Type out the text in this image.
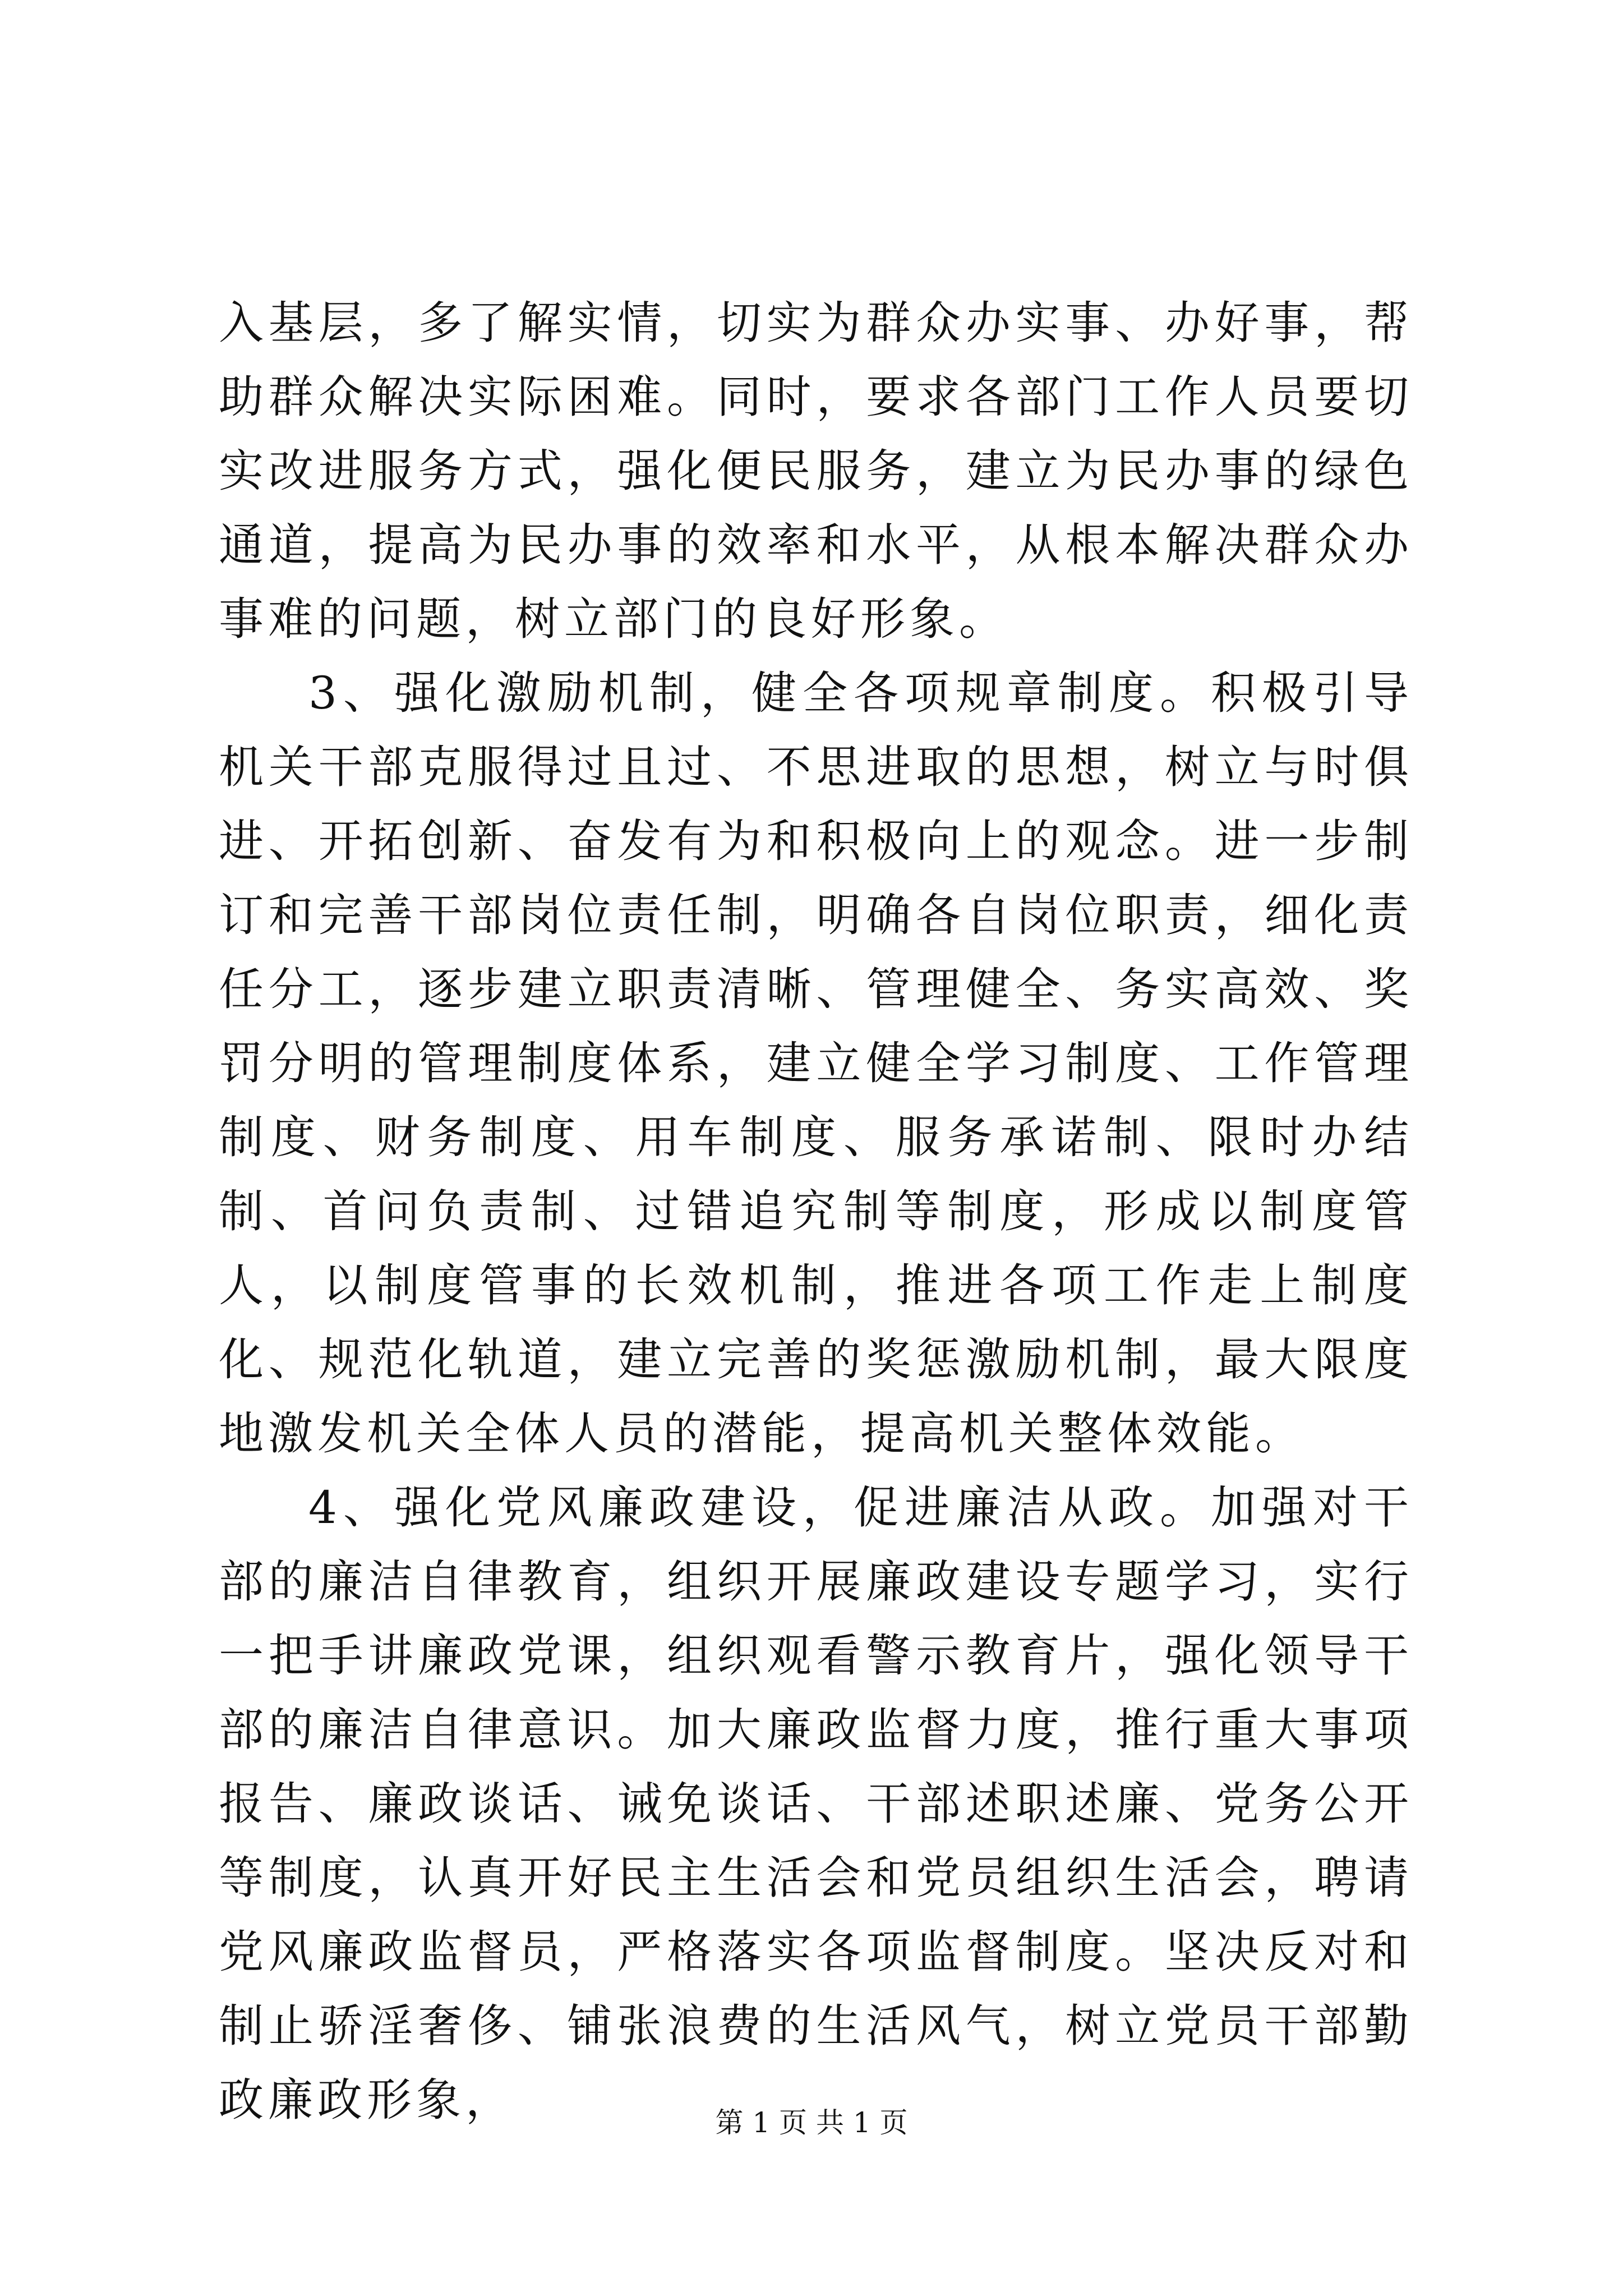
入基层，多了解实情，切实为群众办实事、办好事，帮助群众解决实际困难。同时，要求各部门工作人员要切实改进服务方式，强化便民服务，建立为民办事的绿色通道，提高为民办事的效率和水平，从根本解决群众办事难的问题，树立部门的良好形象。

3、强化激励机制，健全各项规章制度。积极引导机关干部克服得过且过、不思进取的思想，树立与时俱进、开拓创新、奋发有为和积极向上的观念。进一步制订和完善干部岗位责任制，明确各自岗位职责，细化责任分工，逐步建立职责清晰、管理健全、务实高效、奖罚分明的管理制度体系，建立健全学习制度、工作管理制度、财务制度、用车制度、服务承诺制、限时办结制、首问负责制、过错追究制等制度，形成以制度管人，以制度管事的长效机制，推进各项工作走上制度化、规范化轨道，建立完善的奖惩激励机制，最大限度地激发机关全体人员的潜能，提高机关整体效能。

4、强化党风廉政建设，促进廉洁从政。加强对干部的廉洁自律教育，组织开展廉政建设专题学习，实行一把手讲廉政党课，组织观看警示教育片，强化领导干部的廉洁自律意识。加大廉政监督力度，推行重大事项报告、廉政谈话、诫免谈话、干部述职述廉、党务公开等制度，认真开好民主生活会和党员组织生活会，聘请党风廉政监督员，严格落实各项监督制度。坚决反对和制止骄淫奢侈、铺张浪费的生活风气，树立党员干部勤政廉政形象，	第 1 页 共 1 页
